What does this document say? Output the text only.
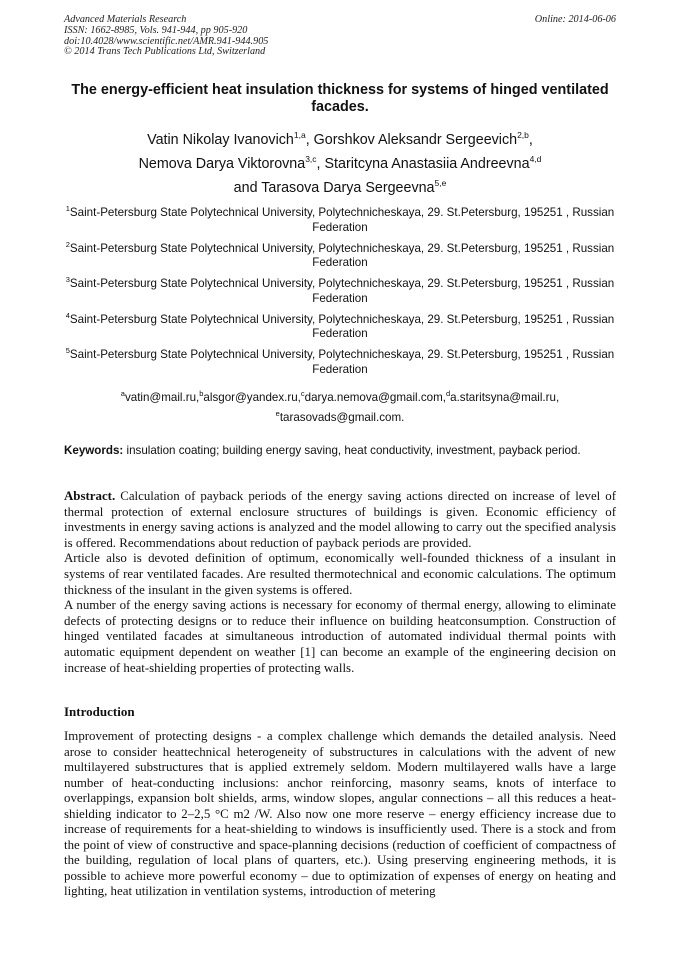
Advanced Materials Research
ISSN: 1662-8985, Vols. 941-944, pp 905-920
doi:10.4028/www.scientific.net/AMR.941-944.905
© 2014 Trans Tech Publications Ltd, Switzerland
Online: 2014-06-06
The energy-efficient heat insulation thickness for systems of hinged ventilated facades.
Vatin Nikolay Ivanovich$^{1,a}$, Gorshkov Aleksandr Sergeevich$^{2,b}$,
Nemova Darya Viktorovna$^{3,c}$, Staritcyna Anastasiia Andreevna$^{4,d}$
and Tarasova Darya Sergeevna$^{5,e}$
$^1$Saint-Petersburg State Polytechnical University, Polytechnicheskaya, 29. St.Petersburg, 195251 , Russian Federation
$^2$Saint-Petersburg State Polytechnical University, Polytechnicheskaya, 29. St.Petersburg, 195251 , Russian Federation
$^3$Saint-Petersburg State Polytechnical University, Polytechnicheskaya, 29. St.Petersburg, 195251 , Russian Federation
$^4$Saint-Petersburg State Polytechnical University, Polytechnicheskaya, 29. St.Petersburg, 195251 , Russian Federation
$^5$Saint-Petersburg State Polytechnical University, Polytechnicheskaya, 29. St.Petersburg, 195251 , Russian Federation
$^a$vatin@mail.ru,$^b$alsgor@yandex.ru,$^c$darya.nemova@gmail.com,$^d$a.staritsyna@mail.ru,
$^e$tarasovads@gmail.com.
Keywords: insulation coating; building energy saving, heat conductivity, investment, payback period.

Abstract. Calculation of payback periods of the energy saving actions directed on increase of level of thermal protection of external enclosure structures of buildings is given. Economic efficiency of investments in energy saving actions is analyzed and the model allowing to carry out the specified analysis is offered. Recommendations about reduction of payback periods are provided.

Article also is devoted definition of optimum, economically well-founded thickness of a insulant in systems of rear ventilated facades. Are resulted thermotechnical and economic calculations. The optimum thickness of the insulant in the given systems is offered.

A number of the energy saving actions is necessary for economy of thermal energy, allowing to eliminate defects of protecting designs or to reduce their influence on building heatconsumption. Construction of hinged ventilated facades at simultaneous introduction of automated individual thermal points with automatic equipment dependent on weather [1] can become an example of the engineering decision on increase of heat-shielding properties of protecting walls.

Introduction

Improvement of protecting designs - a complex challenge which demands the detailed analysis. Need arose to consider heattechnical heterogeneity of substructures in calculations with the advent of new multilayered substructures that is applied extremely seldom. Modern multilayered walls have a large number of heat-conducting inclusions: anchor reinforcing, masonry seams, knots of interface to overlappings, expansion bolt shields, arms, window slopes, angular connections – all this reduces a heat-shielding indicator to 2–2,5 °C m2 /W. Also now one more reserve – energy efficiency increase due to increase of requirements for a heat-shielding to windows is insufficiently used. There is a stock and from the point of view of constructive and space-planning decisions (reduction of coefficient of compactness of the building, regulation of local plans of quarters, etc.). Using preserving engineering methods, it is possible to achieve more powerful economy – due to optimization of expenses of energy on heating and lighting, heat utilization in ventilation systems, introduction of metering
